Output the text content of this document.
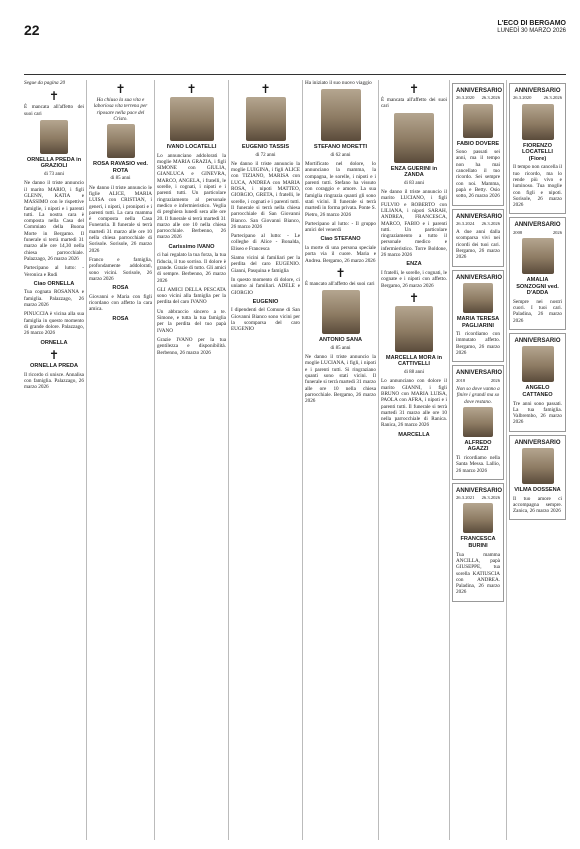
22	L'ECO DI BERGAMO
LUNEDÌ 30 MARZO 2026
Segue da pagina 20
✝
È mancata all'affetto dei suoi cari
ORNELLA PREDA in GRAZIOLI
di 73 anni
Ne danno il triste annuncio il marito MARIO, i figli GLENN, KATIA e MASSIMO con le rispettive famiglie, i nipoti e i parenti tutti. La nostra cara è composta nella Casa del Commiato della Buona Morte in Bergamo. Il funerale si terrà martedì 31 marzo alle ore 14,30 nella chiesa parrocchiale. Palazzago, 26 marzo 2026
Partecipano al lutto: - Veronica e Rudi
Ciao ORNELLA
Tua cognata ROSANNA e famiglia. Palazzago, 26 marzo 2026
PINUCCIA è vicina alla sua famiglia in questo momento di grande dolore. Palazzago, 26 marzo 2026
ORNELLA
✝
ORNELLA PREDA
Il ricordo ci unisce. Annalisa con famiglia. Palazzago, 26 marzo 2026
✝
Ha chiuso la sua vita e laboriosa vita terrena per riposare nella pace del Cristo.
ROSA RAVASIO ved. ROTA
di 85 anni
Ne danno il triste annuncio le figlie ALICE, MARIA LUISA con CRISTIAN, i generi, i nipoti, i pronipoti e i parenti tutti. La cara mamma è composta nella Casa Funeraria. Il funerale si terrà martedì 31 marzo alle ore 10 nella chiesa parrocchiale di Sorisole. Sorisole, 26 marzo 2026
Franco e famiglia, profondamente addolorati, sono vicini. Sorisole, 26 marzo 2026
ROSA
Giovanni e Maria con figli ricordano con affetto la cara amica.
ROSA
✝
IVANO LOCATELLI
Lo annunciano addolorati la moglie MARIA GRAZIA, i figli SIMONE con GIULIA, GIANLUCA e GINEVRA, MARCO, ANGELA, i fratelli, le sorelle, i cognati, i nipoti e i parenti tutti. Un particolare ringraziamento al personale medico e infermieristico. Veglia di preghiera lunedì sera alle ore 20. Il funerale si terrà martedì 31 marzo alle ore 10 nella chiesa parrocchiale. Berbenno, 26 marzo 2026
Carissimo IVANO
ci hai regalato la tua forza, la tua fiducia, il tuo sorriso. Il dolore è grande. Grazie di tutto. Gli amici di sempre. Berbenno, 26 marzo 2026
GLI AMICI DELLA PESCATA sono vicini alla famiglia per la perdita del caro IVANO
Un abbraccio sincero a te. Simone, e tutta la tua famiglia per la perdita del tuo papà IVANO
Grazie IVANO per la tua gentilezza e disponibilità. Berbenno, 26 marzo 2026
✝
EUGENIO TASSIS
di 72 anni
Ne danno il triste annuncio la moglie LUIGINA, i figli ALICE con TIZIANO, MARISA con LUCA, ANDREA con MARIA ROSA, i nipoti MATTEO, GIORGIO, GRETA, i fratelli, le sorelle, i cognati e i parenti tutti. Il funerale si terrà nella chiesa parrocchiale di San Giovanni Bianco. San Giovanni Bianco, 26 marzo 2026
Partecipano al lutto: - Le colleghe di Alice - Bonalda, Eliseo e Francesca
Siamo vicini ai familiari per la perdita del caro EUGENIO. Gianni, Pasquina e famiglia
In questo momento di dolore, ci uniamo ai familiari. ADELE e GIORGIO
EUGENIO
I dipendenti del Comune di San Giovanni Bianco sono vicini per la scomparsa del caro EUGENIO
Ha iniziato il suo nuovo viaggio
STEFANO MORETTI
di 62 anni
Mortificato nel dolore, lo annunciano la mamma, la compagna, le sorelle, i nipoti e i parenti tutti. Stefano ha vissuto con coraggio e amore. La sua famiglia ringrazia quanti gli sono stati vicini. Il funerale si terrà martedì in forma privata. Ponte S. Pietro, 26 marzo 2026
Partecipano al lutto: - Il gruppo amici del venerdì
Ciao STEFANO
la morte di una persona speciale porta via il cuore. Maria e Andrea. Bergamo, 26 marzo 2026
✝
È mancato all'affetto dei suoi cari
ANTONIO SANA
di 85 anni
Ne danno il triste annuncio la moglie LUCIANA, i figli, i nipoti e i parenti tutti. Si ringraziano quanti sono stati vicini. Il funerale si terrà martedì 31 marzo alle ore 10 nella chiesa parrocchiale. Bergamo, 26 marzo 2026
✝
È mancata all'affetto dei suoi cari
ENZA GUERINI in ZANDA
di 83 anni
Ne danno il triste annuncio il marito LUCIANO, i figli FULVIO e ROBERTO con LILIANA, i nipoti SARAH, ANDREA, FRANCESCA, MARCO, FABIO e i parenti tutti. Un particolare ringraziamento a tutto il personale medico e infermieristico. Torre Boldone, 26 marzo 2026
ENZA
I fratelli, le sorelle, i cognati, le cognate e i nipoti con affetto. Bergamo, 26 marzo 2026
✝
MARCELLA MORA in CATTIVELLI
di 88 anni
Lo annunciano con dolore il marito GIANNI, i figli BRUNO con MARIA LUISA, PAOLA con AFRA, i nipoti e i parenti tutti. Il funerale si terrà martedì 31 marzo alle ore 10 nella parrocchiale di Ranica. Ranica, 26 marzo 2026
MARCELLA
ANNIVERSARIO
26.3.2020 26.3.2026
FABIO DOVERE
Sono passati sei anni, ma il tempo non ha mai cancellato il tuo ricordo. Sei sempre con noi. Mamma, papà e Betty. Osio sotto, 26 marzo 2026
ANNIVERSARIO
26.3.2024 26.3.2026
A due anni dalla scomparsa vivi nei ricordi dei tuoi cari. Bergamo, 26 marzo 2026
ANNIVERSARIO
MARIA TERESA PAGLIARINI
Ti ricordiamo con immutato affetto. Bergamo, 26 marzo 2026
ANNIVERSARIO
2018	2026
Non so dove vanno a finire i grandi ma so dove restano.
ALFREDO AGAZZI
Ti ricordiamo nella Santa Messa. Lallio, 26 marzo 2026
ANNIVERSARIO
26.3.2021 26.3.2026
FRANCESCA BURINI
Tua mamma ANCILLA, papà GIUSEPPE, tua sorella KATIUSCIA con ANDREA. Paladina, 26 marzo 2026
ANNIVERSARIO
26.3.2020	26.3.2026
FIORENZO LOCATELLI (Fiore)
Il tempo non cancella il tuo ricordo, ma lo rende più vivo e luminoso. Tua moglie con figli e nipoti. Sorisole, 26 marzo 2026
ANNIVERSARIO
2008	2026
AMALIA SONZOGNI ved. D'ADDA
Sempre nei nostri cuori. I tuoi cari. Paladina, 26 marzo 2026
ANNIVERSARIO
ANGELO CATTANEO
Tre anni sono passati. La tua famiglia. Valbrembo, 26 marzo 2026
ANNIVERSARIO
VILMA DOSSENA
Il tuo amore ci accompagna sempre. Zanica, 26 marzo 2026
